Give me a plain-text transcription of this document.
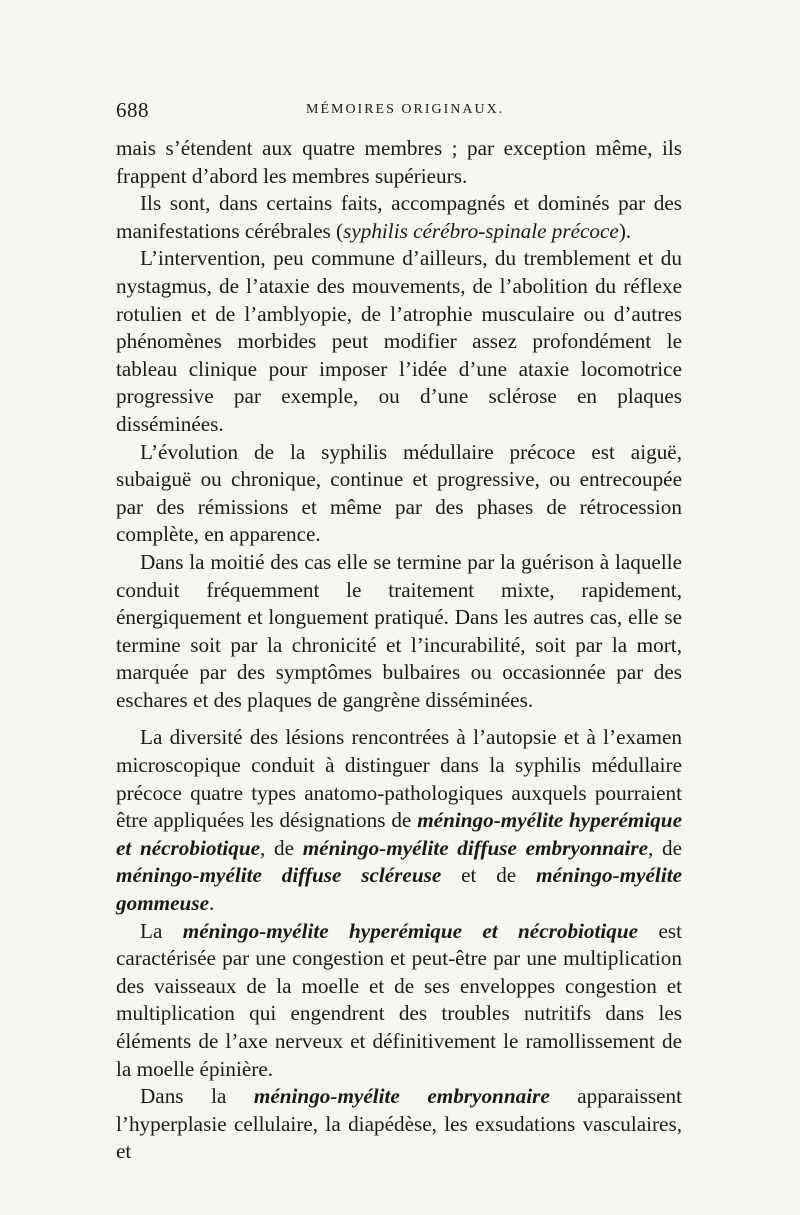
688	MÉMOIRES ORIGINAUX.

mais s’étendent aux quatre membres ; par exception même, ils frappent d’abord les membres supérieurs.

Ils sont, dans certains faits, accompagnés et dominés par des manifestations cérébrales (syphilis cérébro-spinale précoce).

L’intervention, peu commune d’ailleurs, du tremblement et du nystagmus, de l’ataxie des mouvements, de l’abolition du réflexe rotulien et de l’amblyopie, de l’atrophie musculaire ou d’autres phénomènes morbides peut modifier assez profondément le tableau clinique pour imposer l’idée d’une ataxie locomotrice progressive par exemple, ou d’une sclérose en plaques disséminées.

L’évolution de la syphilis médullaire précoce est aiguë, subaiguë ou chronique, continue et progressive, ou entrecoupée par des rémissions et même par des phases de rétrocession complète, en apparence.

Dans la moitié des cas elle se termine par la guérison à laquelle conduit fréquemment le traitement mixte, rapidement, énergiquement et longuement pratiqué. Dans les autres cas, elle se termine soit par la chronicité et l’incurabilité, soit par la mort, marquée par des symptômes bulbaires ou occasionnée par des eschares et des plaques de gangrène disséminées.

La diversité des lésions rencontrées à l’autopsie et à l’examen microscopique conduit à distinguer dans la syphilis médullaire précoce quatre types anatomo-pathologiques auxquels pourraient être appliquées les désignations de méningo-myélite hyperémique et nécrobiotique, de méningo-myélite diffuse embryonnaire, de méningo-myélite diffuse scléreuse et de méningo-myélite gommeuse.

La méningo-myélite hyperémique et nécrobiotique est caractérisée par une congestion et peut-être par une multiplication des vaisseaux de la moelle et de ses enveloppes congestion et multiplication qui engendrent des troubles nutritifs dans les éléments de l’axe nerveux et définitivement le ramollissement de la moelle épinière.

Dans la méningo-myélite embryonnaire apparaissent l’hyperplasie cellulaire, la diapédèse, les exsudations vasculaires, et
